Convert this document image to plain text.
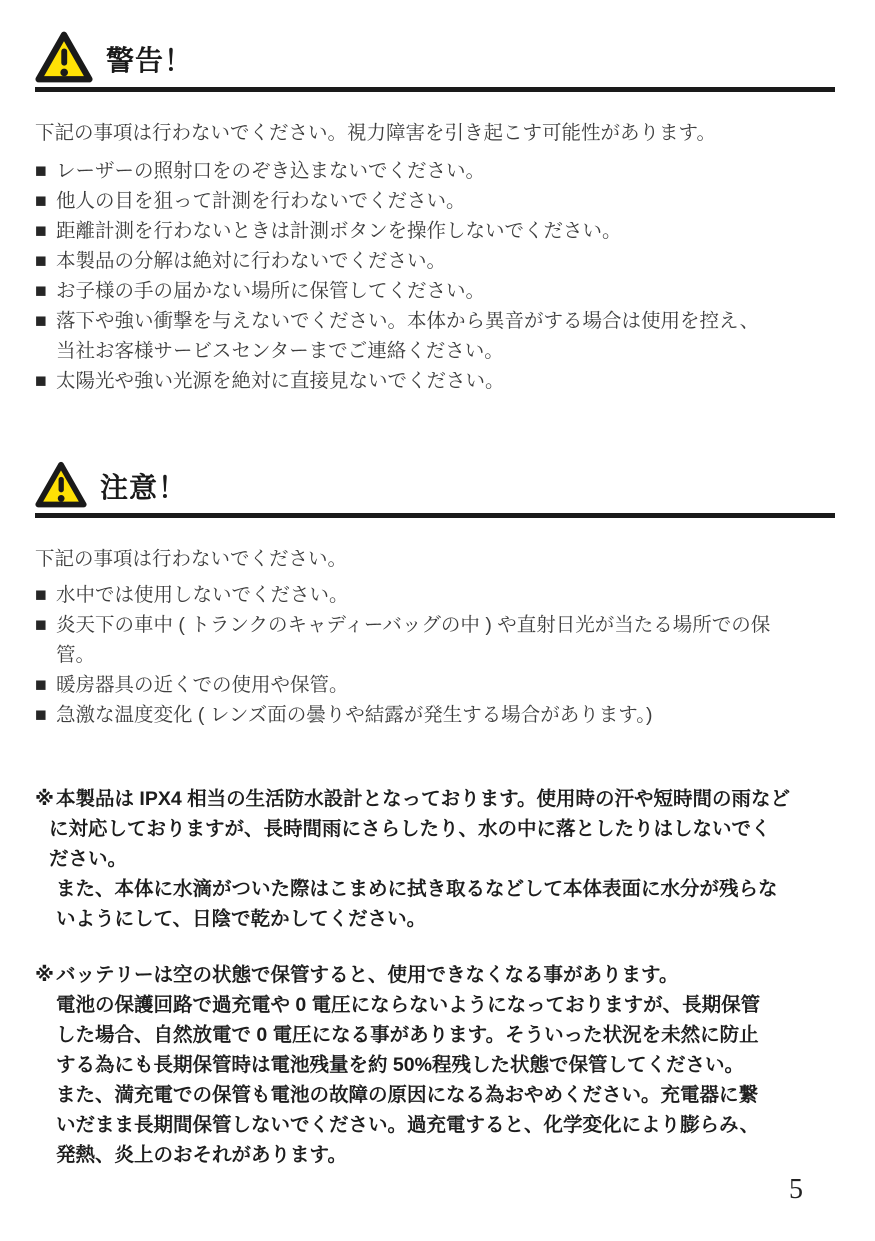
警告！

下記の事項は行わないでください。視力障害を引き起こす可能性があります。

■ レーザーの照射口をのぞき込まないでください。
■ 他人の目を狙って計測を行わないでください。
■ 距離計測を行わないときは計測ボタンを操作しないでください。
■ 本製品の分解は絶対に行わないでください。
■ お子様の手の届かない場所に保管してください。
■ 落下や強い衝撃を与えないでください。本体から異音がする場合は使用を控え、
当社お客様サービスセンターまでご連絡ください。
■ 太陽光や強い光源を絶対に直接見ないでください。
注意！

下記の事項は行わないでください。

■ 水中では使用しないでください。
■ 炎天下の車中 ( トランクのキャディーバッグの中 ) や直射日光が当たる場所での保
管。
■ 暖房器具の近くでの使用や保管。
■ 急激な温度変化 ( レンズ面の曇りや結露が発生する場合があります。)
※ 本製品は IPX4 相当の生活防水設計となっております。使用時の汗や短時間の雨など
に対応しておりますが、長時間雨にさらしたり、水の中に落としたりはしないでく
ださい。
また、本体に水滴がついた際はこまめに拭き取るなどして本体表面に水分が残らな
いようにして、日陰で乾かしてください。
※ バッテリーは空の状態で保管すると、使用できなくなる事があります。
電池の保護回路で過充電や 0 電圧にならないようになっておりますが、長期保管
した場合、自然放電で 0 電圧になる事があります。そういった状況を未然に防止
する為にも長期保管時は電池残量を約 50%程残した状態で保管してください。
また、満充電での保管も電池の故障の原因になる為おやめください。充電器に繋
いだまま長期間保管しないでください。過充電すると、化学変化により膨らみ、
発熱、炎上のおそれがあります。
5
